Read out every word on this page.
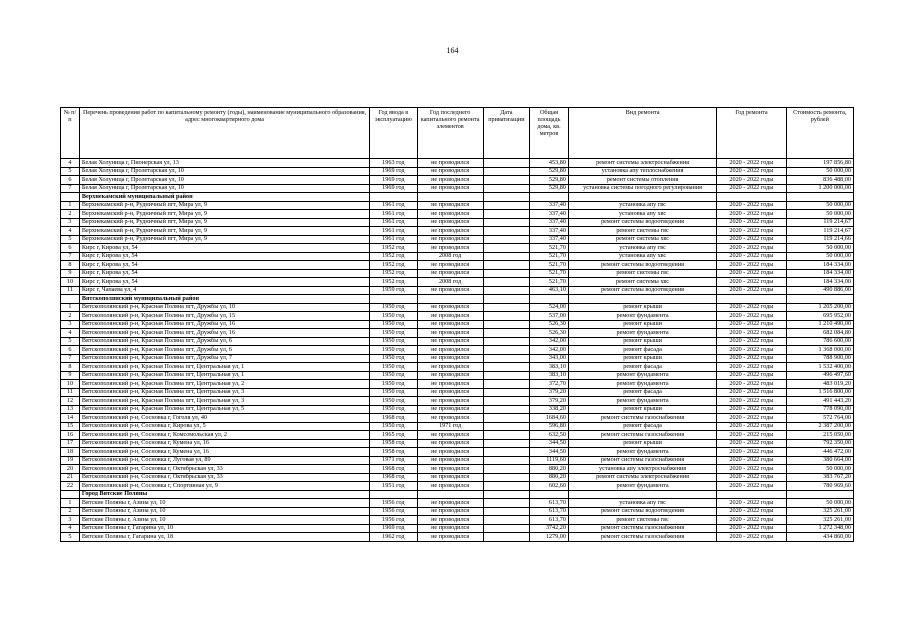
164
№ п/п	Перечень проведения работ по капитальному ремонту (годы), наименование муниципального образования, адрес многоквартирного дома	Год ввода в эксплуатацию	Год последнего капитального ремонта элементов	Дата приватизации	Общая площадь дома, кв. метров	Вид ремонта	Год ремонта	Стоимость ремонта, рублей
4	Белая Холуница г, Пионерская ул, 13	1963 год	не проводился		453,80	ремонт системы электроснабжения	2020 - 2022 годы	197 856,80
5	Белая Холуница г, Пролетарская ул, 10	1969 год	не проводился		529,80	установка апу теплоснабжения	2020 - 2022 годы	50 000,00
6	Белая Холуница г, Пролетарская ул, 10	1969 год	не проводился		529,80	ремонт системы отопления	2020 - 2022 годы	836 488,00
7	Белая Холуница г, Пролетарская ул, 10	1969 год	не проводился		529,80	установка системы погодного регулирования	2020 - 2022 годы	1 200 000,00
	Верхнекамский муниципальный район							
1	Верхнекамский р-н, Рудничный пгт, Мира ул, 9	1961 год	не проводился		337,40	установка апу гвс	2020 - 2022 годы	50 000,00
2	Верхнекамский р-н, Рудничный пгт, Мира ул, 9	1961 год	не проводился		337,40	установка апу хвс	2020 - 2022 годы	50 000,00
3	Верхнекамский р-н, Рудничный пгт, Мира ул, 9	1961 год	не проводился		337,40	ремонт системы водоотведения	2020 - 2022 годы	119 214,67
4	Верхнекамский р-н, Рудничный пгт, Мира ул, 9	1961 год	не проводился		337,40	ремонт системы гвс	2020 - 2022 годы	119 214,67
5	Верхнекамский р-н, Рудничный пгт, Мира ул, 9	1961 год	не проводился		337,40	ремонт системы хвс	2020 - 2022 годы	119 214,66
6	Кирс г, Кирова ул, 54	1952 год	не проводился		521,70	установка апу гвс	2020 - 2022 годы	50 000,00
7	Кирс г, Кирова ул, 54	1952 год	2008 год		521,70	установка апу хвс	2020 - 2022 годы	50 000,00
8	Кирс г, Кирова ул, 54	1952 год	не проводился		521,70	ремонт системы водоотведения	2020 - 2022 годы	184 334,00
9	Кирс г, Кирова ул, 54	1952 год	не проводился		521,70	ремонт системы гвс	2020 - 2022 годы	184 334,00
10	Кирс г, Кирова ул, 54	1952 год	2008 год		521,70	ремонт системы хвс	2020 - 2022 годы	184 334,00
11	Кирс г, Чапаева ул, 4	1959 год	не проводился		463,10	ремонт системы водоотведения	2020 - 2022 годы	490 886,00
	Вятскополянский муниципальный район							
1	Вятскополянский р-н, Красная Поляна пгт, Дружбы ул, 10	1950 год	не проводился		524,00	ремонт крыши	2020 - 2022 годы	1 205 200,00
2	Вятскополянский р-н, Красная Поляна пгт, Дружбы ул, 15	1950 год	не проводился		537,00	ремонт фундамента	2020 - 2022 годы	695 952,00
3	Вятскополянский р-н, Красная Поляна пгт, Дружбы ул, 16	1950 год	не проводился		526,30	ремонт крыши	2020 - 2022 годы	1 210 490,00
4	Вятскополянский р-н, Красная Поляна пгт, Дружбы ул, 16	1950 год	не проводился		526,30	ремонт фундамента	2020 - 2022 годы	682 084,80
5	Вятскополянский р-н, Красная Поляна пгт, Дружбы ул, 6	1950 год	не проводился		342,00	ремонт крыши	2020 - 2022 годы	786 600,00
6	Вятскополянский р-н, Красная Поляна пгт, Дружбы ул, 6	1950 год	не проводился		342,00	ремонт фасада	2020 - 2022 годы	1 368 000,00
7	Вятскополянский р-н, Красная Поляна пгт, Дружбы ул, 7	1950 год	не проводился		343,00	ремонт крыши	2020 - 2022 годы	788 900,00
8	Вятскополянский р-н, Красная Поляна пгт, Центральная ул, 1	1950 год	не проводился		383,10	ремонт фасада	2020 - 2022 годы	1 532 400,00
9	Вятскополянский р-н, Красная Поляна пгт, Центральная ул, 1	1950 год	не проводился		383,10	ремонт фундамента	2020 - 2022 годы	496 497,60
10	Вятскополянский р-н, Красная Поляна пгт, Центральная ул, 2	1950 год	не проводился		372,70	ремонт фундамента	2020 - 2022 годы	483 019,20
11	Вятскополянский р-н, Красная Поляна пгт, Центральная ул, 3	1950 год	не проводился		379,20	ремонт фасада	2020 - 2022 годы	1 516 800,00
12	Вятскополянский р-н, Красная Поляна пгт, Центральная ул, 3	1950 год	не проводился		379,20	ремонт фундамента	2020 - 2022 годы	491 443,20
13	Вятскополянский р-н, Красная Поляна пгт, Центральная ул, 5	1950 год	не проводился		338,20	ремонт крыши	2020 - 2022 годы	778 090,00
14	Вятскополянский р-н, Сосновка г, Гоголя ул, 40	1968 год	не проводился		1684,60	ремонт системы газоснабжения	2020 - 2022 годы	572 764,00
15	Вятскополянский р-н, Сосновка г, Кирова ул, 5	1950 год	1971 год		596,80	ремонт фасада	2020 - 2022 годы	2 387 200,00
16	Вятскополянский р-н, Сосновка г, Комсомольская ул, 2	1965 год	не проводился		632,50	ремонт системы газоснабжения	2020 - 2022 годы	215 050,00
17	Вятскополянский р-н, Сосновка г, Кумена ул, 16	1958 год	не проводился		344,50	ремонт крыши	2020 - 2022 годы	792 350,00
18	Вятскополянский р-н, Сосновка г, Кумена ул, 16	1958 год	не проводился		344,50	ремонт фундамента	2020 - 2022 годы	446 472,00
19	Вятскополянский р-н, Сосновка г, Луговая ул, 89	1971 год	не проводился		1119,60	ремонт системы газоснабжения	2020 - 2022 годы	380 664,00
20	Вятскополянский р-н, Сосновка г, Октябрьская ул, 33	1968 год	не проводился		880,20	установка апу электроснабжения	2020 - 2022 годы	50 000,00
21	Вятскополянский р-н, Сосновка г, Октябрьская ул, 33	1968 год	не проводился		880,20	ремонт системы электроснабжения	2020 - 2022 годы	383 767,20
22	Вятскополянский р-н, Сосновка г, Спортивная ул, 9	1951 год	не проводился		602,60	ремонт фундамента	2020 - 2022 годы	780 969,60
	Город Вятские Поляны							
1	Вятские Поляны г, Азина ул, 10	1956 год	не проводился		613,70	установка апу гвс	2020 - 2022 годы	50 000,00
2	Вятские Поляны г, Азина ул, 10	1956 год	не проводился		613,70	ремонт системы водоотведения	2020 - 2022 годы	325 261,00
3	Вятские Поляны г, Азина ул, 10	1956 год	не проводился		613,70	ремонт системы гвс	2020 - 2022 годы	325 261,00
4	Вятские Поляны г, Гагарина ул, 10	1969 год	не проводился		3742,20	ремонт системы газоснабжения	2020 - 2022 годы	1 272 348,00
5	Вятские Поляны г, Гагарина ул, 18	1962 год	не проводился		1279,00	ремонт системы газоснабжения	2020 - 2022 годы	434 860,00
